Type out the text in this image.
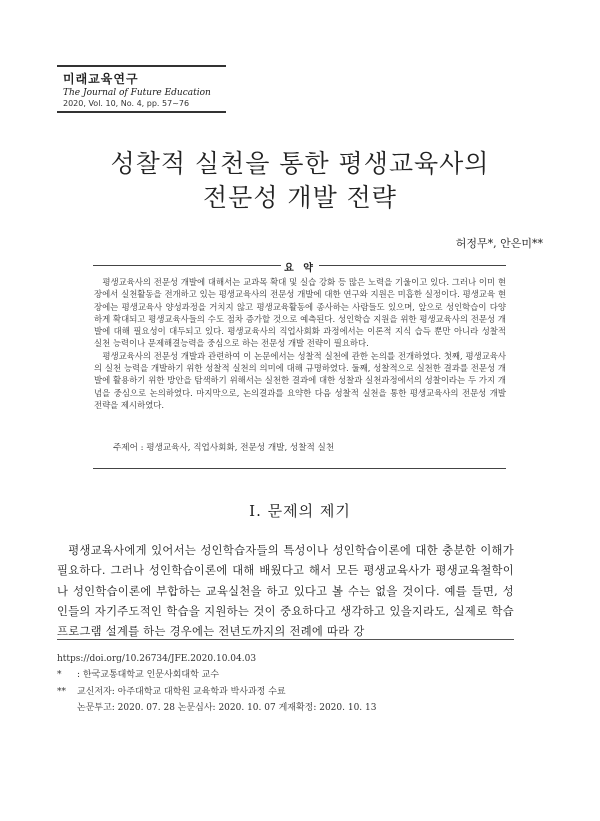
미래교육연구
The Journal of Future Education
2020, Vol. 10, No. 4, pp. 57~76
성찰적 실천을 통한 평생교육사의
전문성 개발 전략
허정무*, 안은미**
요 약

평생교육사의 전문성 개발에 대해서는 교과목 확대 및 실습 강화 등 많은 노력을 기울이고 있다. 그러나 이미 현장에서 실천활동을 전개하고 있는 평생교육사의 전문성 개발에 대한 연구와 지원은 미흡한 실정이다. 평생교육 현장에는 평생교육사 양성과정을 거치지 않고 평생교육활동에 종사하는 사람들도 있으며, 앞으로 성인학습이 다양하게 확대되고 평생교육사들의 수도 점차 증가할 것으로 예측된다. 성인학습 지원을 위한 평생교육사의 전문성 개발에 대해 필요성이 대두되고 있다. 평생교육사의 직업사회화 과정에서는 이론적 지식 습득 뿐만 아니라 성찰적 실천 능력이나 문제해결능력을 중심으로 하는 전문성 개발 전략이 필요하다.

평생교육사의 전문성 개발과 관련하여 이 논문에서는 성찰적 실천에 관한 논의를 전개하였다. 첫째, 평생교육사의 실천 능력을 개발하기 위한 성찰적 실천의 의미에 대해 규명하였다. 둘째, 성찰적으로 실천한 결과를 전문성 개발에 활용하기 위한 방안을 탐색하기 위해서는 실천한 결과에 대한 성찰과 실천과정에서의 성찰이라는 두 가지 개념을 중심으로 논의하였다. 마지막으로, 논의결과를 요약한 다음 성찰적 실천을 통한 평생교육사의 전문성 개발 전략을 제시하였다.

주제어 : 평생교육사, 직업사회화, 전문성 개발, 성찰적 실천
Ⅰ. 문제의 제기
평생교육사에게 있어서는 성인학습자들의 특성이나 성인학습이론에 대한 충분한 이해가 필요하다. 그러나 성인학습이론에 대해 배웠다고 해서 모든 평생교육사가 평생교육철학이나 성인학습이론에 부합하는 교육실천을 하고 있다고 볼 수는 없을 것이다. 예를 들면, 성인들의 자기주도적인 학습을 지원하는 것이 중요하다고 생각하고 있을지라도, 실제로 학습프로그램 설계를 하는 경우에는 전년도까지의 전례에 따라 강
https://doi.org/10.26734/JFE.2020.10.04.03
* : 한국교통대학교 인문사회대학 교수
** 교신저자: 아주대학교 대학원 교육학과 박사과정 수료
논문투고: 2020. 07. 28 논문심사: 2020. 10. 07 게재확정: 2020. 10. 13
